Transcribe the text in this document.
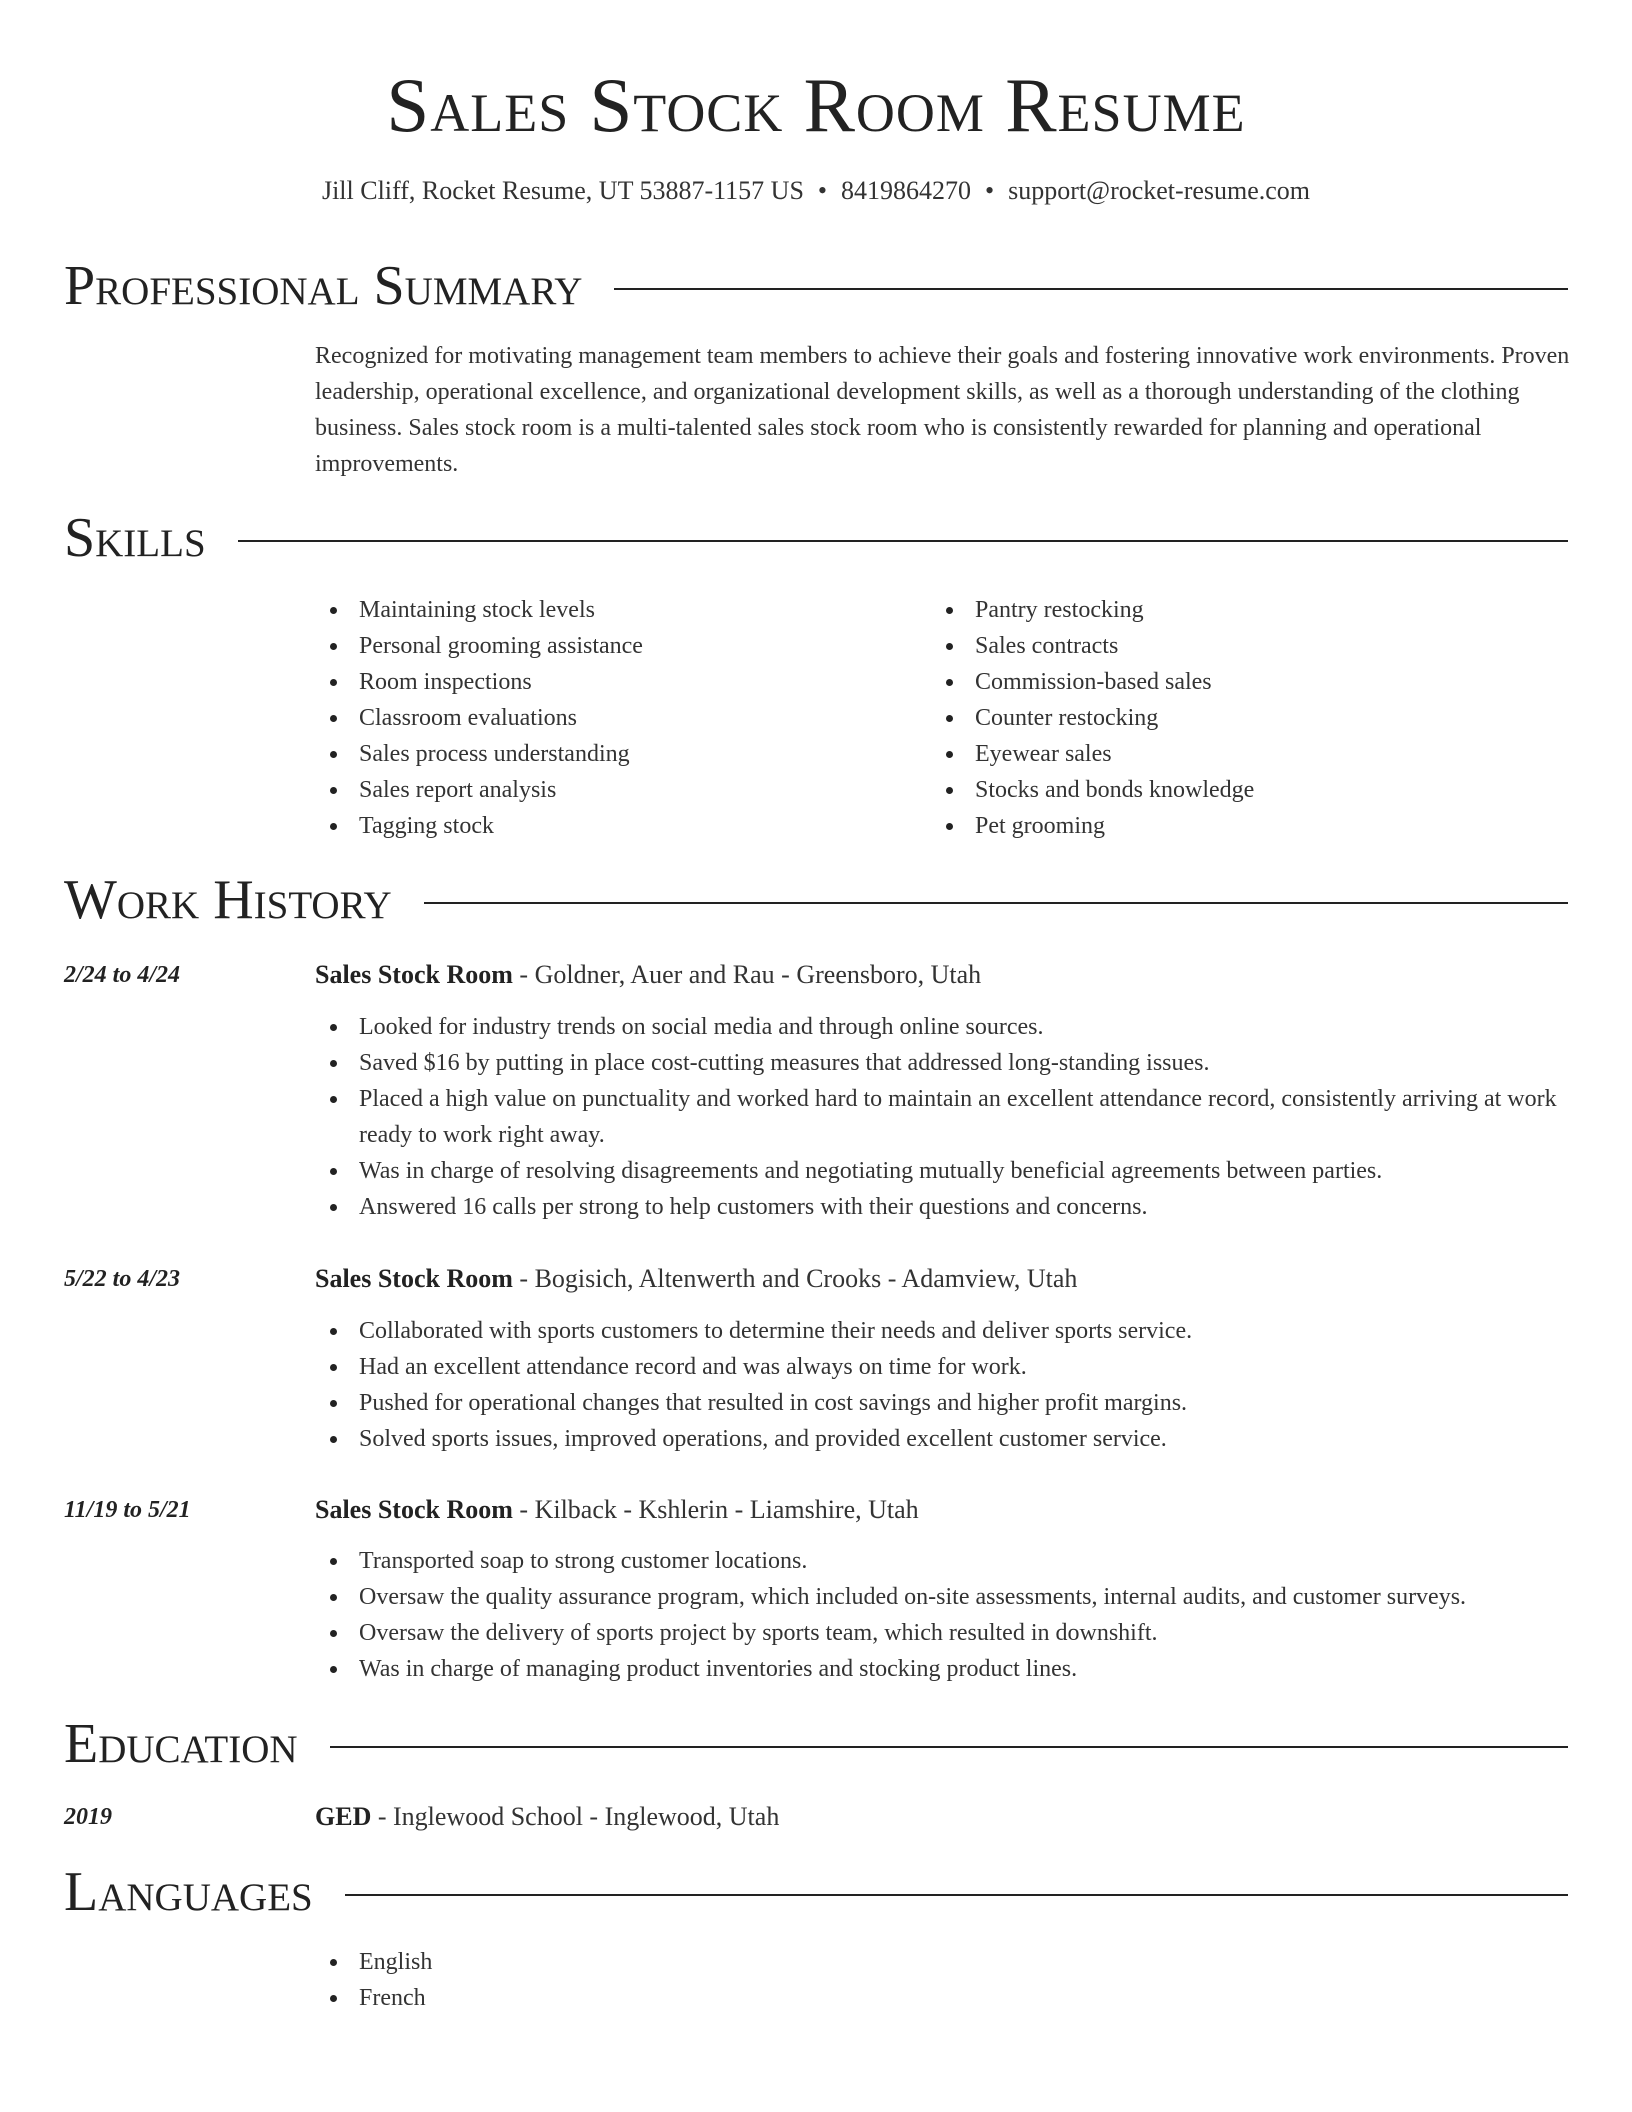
Sales Stock Room Resume
Jill Cliff, Rocket Resume, UT 53887-1157 US • 8419864270 • support@rocket-resume.com
Professional Summary
Recognized for motivating management team members to achieve their goals and fostering innovative work environments. Proven leadership, operational excellence, and organizational development skills, as well as a thorough understanding of the clothing business. Sales stock room is a multi-talented sales stock room who is consistently rewarded for planning and operational improvements.
Skills
Maintaining stock levels
Personal grooming assistance
Room inspections
Classroom evaluations
Sales process understanding
Sales report analysis
Tagging stock
Pantry restocking
Sales contracts
Commission-based sales
Counter restocking
Eyewear sales
Stocks and bonds knowledge
Pet grooming
Work History
2/24 to 4/24	Sales Stock Room - Goldner, Auer and Rau - Greensboro, Utah
Looked for industry trends on social media and through online sources.
Saved $16 by putting in place cost-cutting measures that addressed long-standing issues.
Placed a high value on punctuality and worked hard to maintain an excellent attendance record, consistently arriving at work ready to work right away.
Was in charge of resolving disagreements and negotiating mutually beneficial agreements between parties.
Answered 16 calls per strong to help customers with their questions and concerns.
5/22 to 4/23	Sales Stock Room - Bogisich, Altenwerth and Crooks - Adamview, Utah
Collaborated with sports customers to determine their needs and deliver sports service.
Had an excellent attendance record and was always on time for work.
Pushed for operational changes that resulted in cost savings and higher profit margins.
Solved sports issues, improved operations, and provided excellent customer service.
11/19 to 5/21	Sales Stock Room - Kilback - Kshlerin - Liamshire, Utah
Transported soap to strong customer locations.
Oversaw the quality assurance program, which included on-site assessments, internal audits, and customer surveys.
Oversaw the delivery of sports project by sports team, which resulted in downshift.
Was in charge of managing product inventories and stocking product lines.
Education
2019	GED - Inglewood School - Inglewood, Utah
Languages
English
French
